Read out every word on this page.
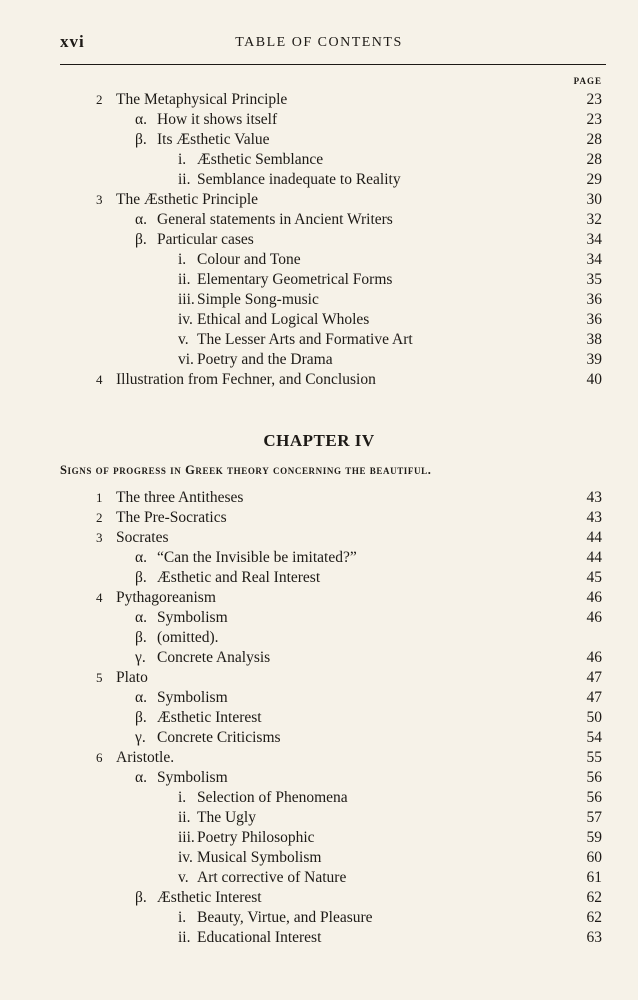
xvi	TABLE OF CONTENTS
PAGE
2 The Metaphysical Principle	23
α. How it shows itself	23
β. Its Æsthetic Value	28
i. Æsthetic Semblance	28
ii. Semblance inadequate to Reality	29
3 The Æsthetic Principle	30
α. General statements in Ancient Writers	32
β. Particular cases	34
i. Colour and Tone	34
ii. Elementary Geometrical Forms	35
iii. Simple Song-music	36
iv. Ethical and Logical Wholes	36
v. The Lesser Arts and Formative Art	38
vi. Poetry and the Drama	39
4 Illustration from Fechner, and Conclusion	40
1 The three Antitheses	43
2 The Pre-Socratics	43
3 Socrates	44
α. “Can the Invisible be imitated?”	44
β. Æsthetic and Real Interest	45
4 Pythagoreanism	46
α. Symbolism	46
β. (omitted).
γ. Concrete Analysis	46
5 Plato	47
α. Symbolism	47
β. Æsthetic Interest	50
γ. Concrete Criticisms	54
6 Aristotle.	55
α. Symbolism	56
i. Selection of Phenomena	56
ii. The Ugly	57
iii. Poetry Philosophic	59
iv. Musical Symbolism	60
v. Art corrective of Nature	61
β. Æsthetic Interest	62
i. Beauty, Virtue, and Pleasure	62
ii. Educational Interest	63
CHAPTER IV
Signs of progress in Greek theory concerning the beautiful.
